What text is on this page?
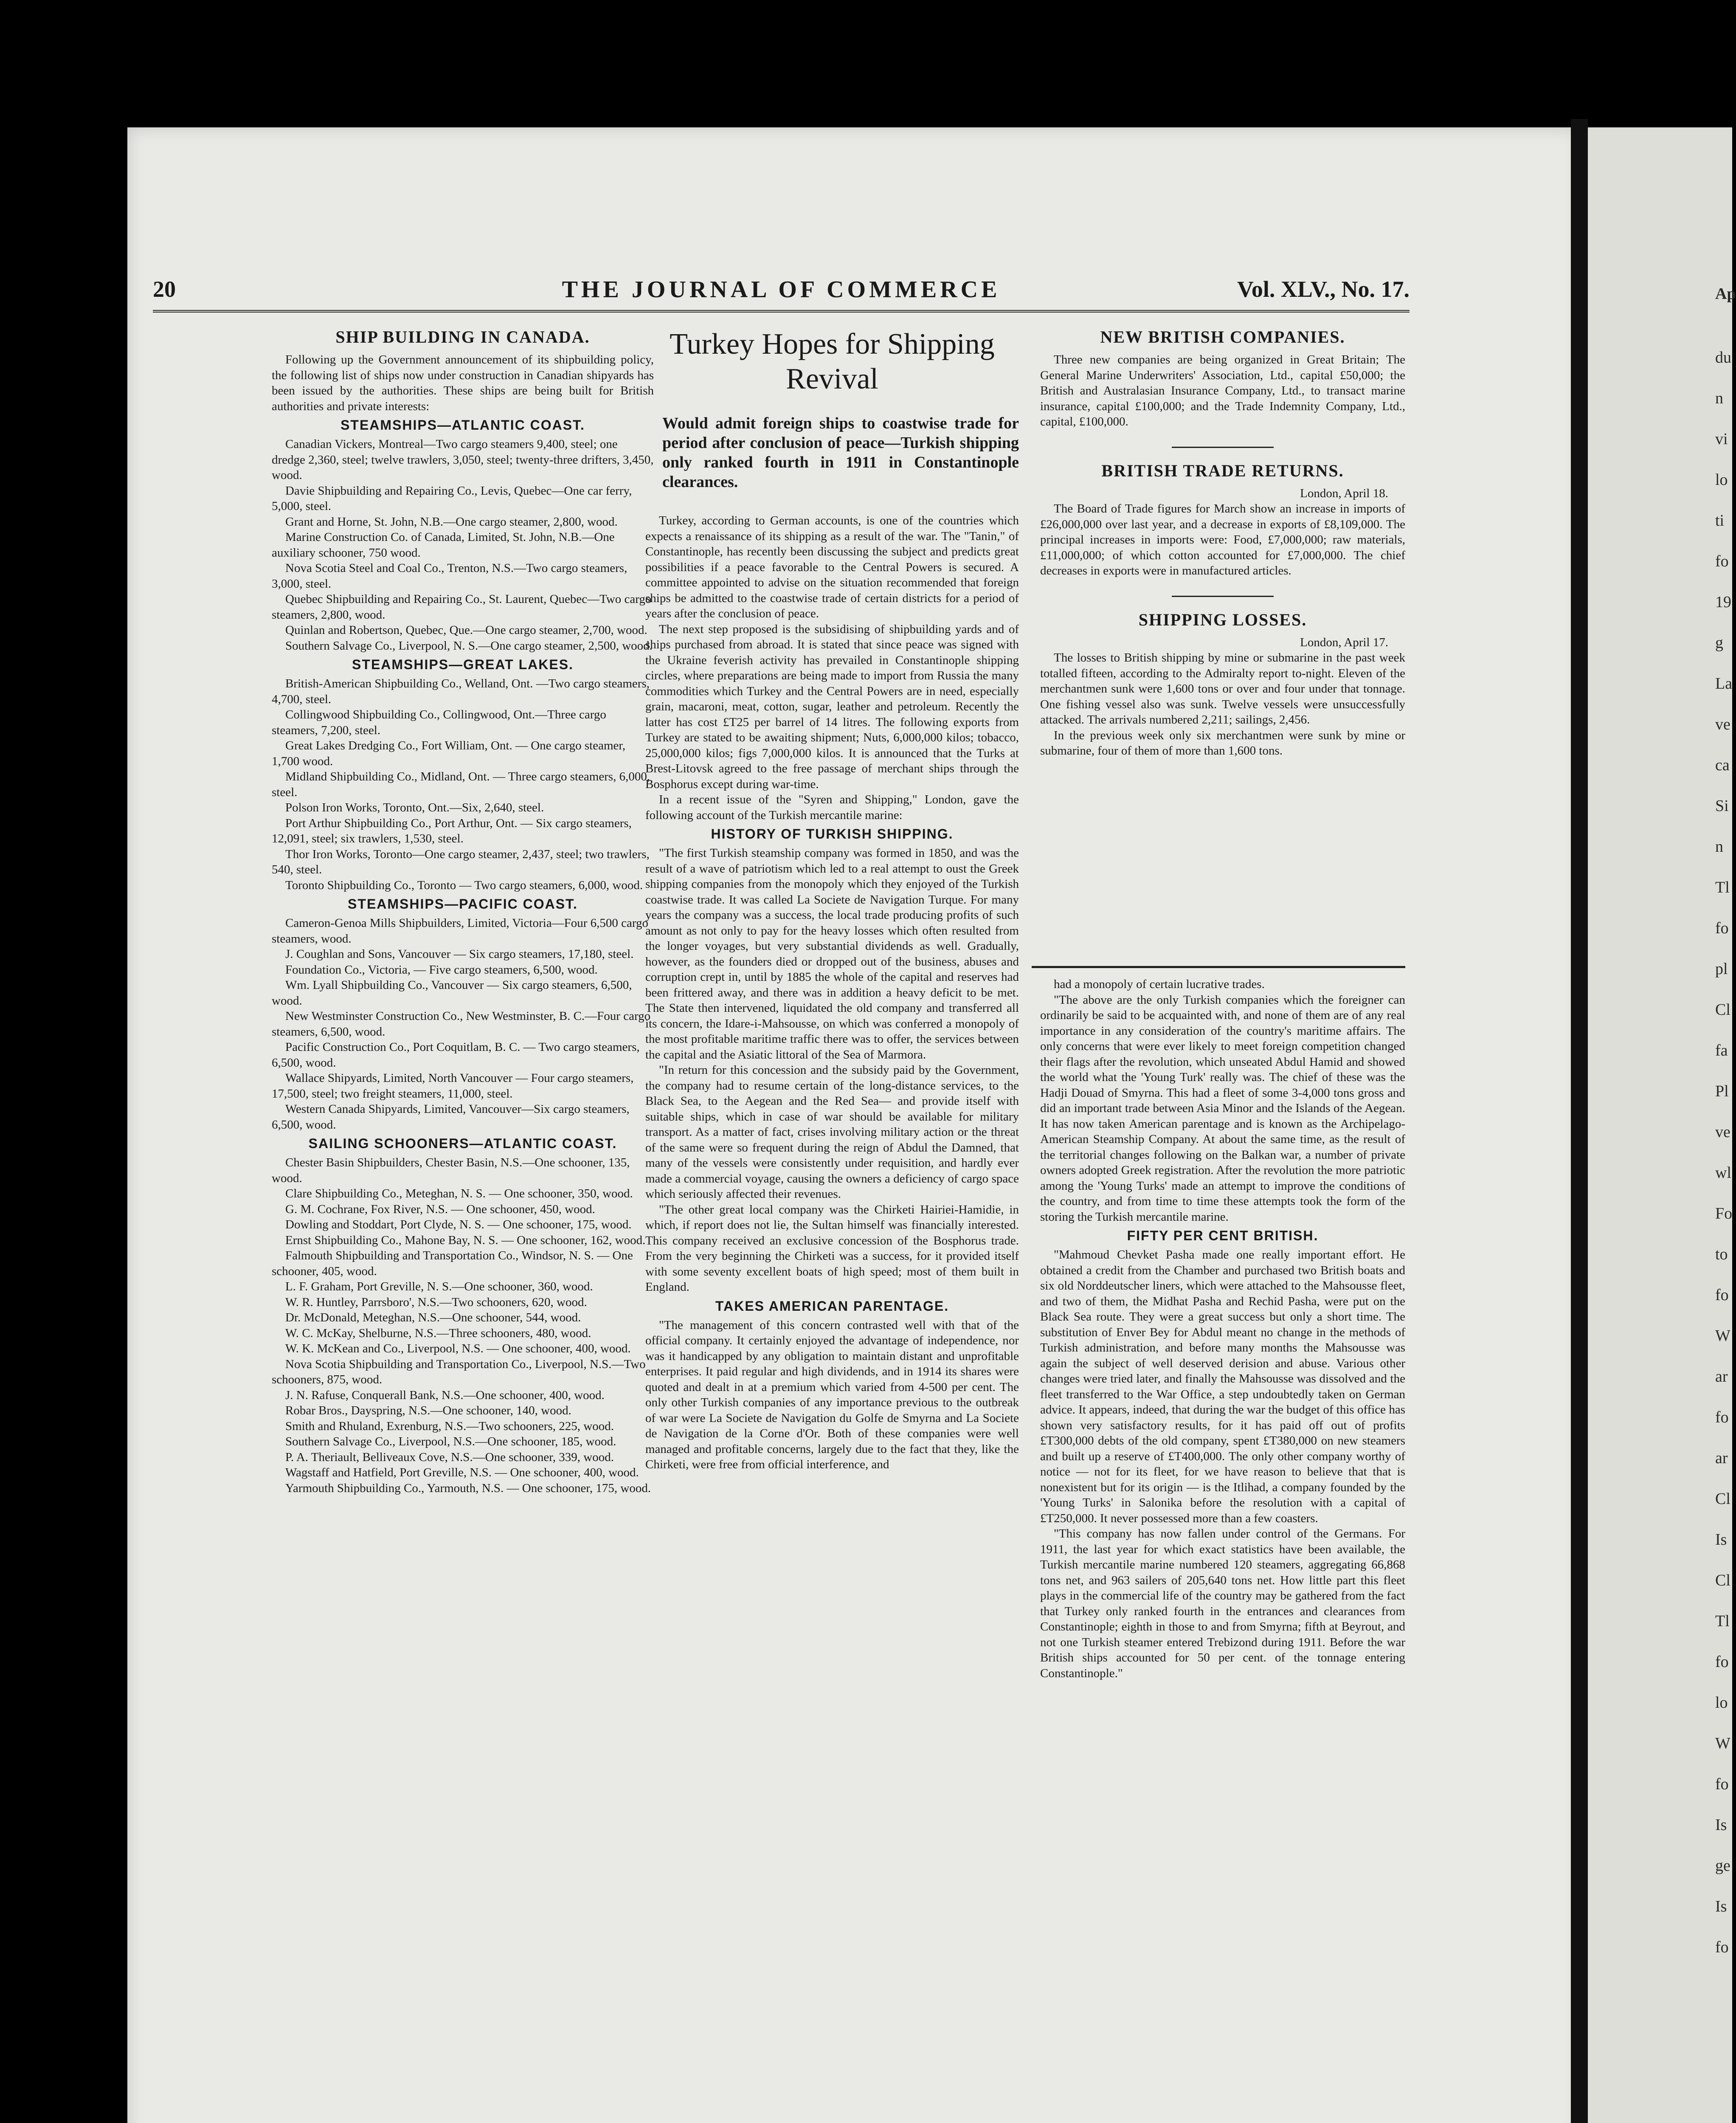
20	THE JOURNAL OF COMMERCE	Vol. XLV., No. 17.
SHIP BUILDING IN CANADA.

Following up the Government announcement of its shipbuilding policy, the following list of ships now under construction in Canadian shipyards has been issued by the authorities. These ships are being built for British authorities and private interests:

STEAMSHIPS—ATLANTIC COAST.

Canadian Vickers, Montreal—Two cargo steamers 9,400, steel; one dredge 2,360, steel; twelve trawlers, 3,050, steel; twenty-three drifters, 3,450, wood.

Davie Shipbuilding and Repairing Co., Levis, Quebec—One car ferry, 5,000, steel.

Grant and Horne, St. John, N.B.—One cargo steamer, 2,800, wood.

Marine Construction Co. of Canada, Limited, St. John, N.B.—One auxiliary schooner, 750 wood.

Nova Scotia Steel and Coal Co., Trenton, N.S.—Two cargo steamers, 3,000, steel.

Quebec Shipbuilding and Repairing Co., St. Laurent, Quebec—Two cargo steamers, 2,800, wood.

Quinlan and Robertson, Quebec, Que.—One cargo steamer, 2,700, wood.

Southern Salvage Co., Liverpool, N. S.—One cargo steamer, 2,500, wood.

STEAMSHIPS—GREAT LAKES.

British-American Shipbuilding Co., Welland, Ont. —Two cargo steamers, 4,700, steel.

Collingwood Shipbuilding Co., Collingwood, Ont.—Three cargo steamers, 7,200, steel.

Great Lakes Dredging Co., Fort William, Ont. — One cargo steamer, 1,700 wood.

Midland Shipbuilding Co., Midland, Ont. — Three cargo steamers, 6,000, steel.

Polson Iron Works, Toronto, Ont.—Six, 2,640, steel.

Port Arthur Shipbuilding Co., Port Arthur, Ont. — Six cargo steamers, 12,091, steel; six trawlers, 1,530, steel.

Thor Iron Works, Toronto—One cargo steamer, 2,437, steel; two trawlers, 540, steel.

Toronto Shipbuilding Co., Toronto — Two cargo steamers, 6,000, wood.

STEAMSHIPS—PACIFIC COAST.

Cameron-Genoa Mills Shipbuilders, Limited, Victoria—Four 6,500 cargo steamers, wood.

J. Coughlan and Sons, Vancouver — Six cargo steamers, 17,180, steel.

Foundation Co., Victoria, — Five cargo steamers, 6,500, wood.

Wm. Lyall Shipbuilding Co., Vancouver — Six cargo steamers, 6,500, wood.

New Westminster Construction Co., New Westminster, B. C.—Four cargo steamers, 6,500, wood.

Pacific Construction Co., Port Coquitlam, B. C. — Two cargo steamers, 6,500, wood.

Wallace Shipyards, Limited, North Vancouver — Four cargo steamers, 17,500, steel; two freight steamers, 11,000, steel.

Western Canada Shipyards, Limited, Vancouver—Six cargo steamers, 6,500, wood.

SAILING SCHOONERS—ATLANTIC COAST.

Chester Basin Shipbuilders, Chester Basin, N.S.—One schooner, 135, wood.

Clare Shipbuilding Co., Meteghan, N. S. — One schooner, 350, wood.

G. M. Cochrane, Fox River, N.S. — One schooner, 450, wood.

Dowling and Stoddart, Port Clyde, N. S. — One schooner, 175, wood.

Ernst Shipbuilding Co., Mahone Bay, N. S. — One schooner, 162, wood.

Falmouth Shipbuilding and Transportation Co., Windsor, N. S. — One schooner, 405, wood.

L. F. Graham, Port Greville, N. S.—One schooner, 360, wood.

W. R. Huntley, Parrsboro', N.S.—Two schooners, 620, wood.

Dr. McDonald, Meteghan, N.S.—One schooner, 544, wood.

W. C. McKay, Shelburne, N.S.—Three schooners, 480, wood.

W. K. McKean and Co., Liverpool, N.S. — One schooner, 400, wood.

Nova Scotia Shipbuilding and Transportation Co., Liverpool, N.S.—Two schooners, 875, wood.

J. N. Rafuse, Conquerall Bank, N.S.—One schooner, 400, wood.

Robar Bros., Dayspring, N.S.—One schooner, 140, wood.

Smith and Rhuland, Exrenburg, N.S.—Two schooners, 225, wood.

Southern Salvage Co., Liverpool, N.S.—One schooner, 185, wood.

P. A. Theriault, Belliveaux Cove, N.S.—One schooner, 339, wood.

Wagstaff and Hatfield, Port Greville, N.S. — One schooner, 400, wood.

Yarmouth Shipbuilding Co., Yarmouth, N.S. — One schooner, 175, wood.

Turkey Hopes for Shipping Revival
Would admit foreign ships to coastwise trade for period after conclusion of peace—Turkish shipping only ranked fourth in 1911 in Constantinople clearances.

Turkey, according to German accounts, is one of the countries which expects a renaissance of its shipping as a result of the war. The "Tanin," of Constantinople, has recently been discussing the subject and predicts great possibilities if a peace favorable to the Central Powers is secured. A committee appointed to advise on the situation recommended that foreign ships be admitted to the coastwise trade of certain districts for a period of years after the conclusion of peace.

The next step proposed is the subsidising of shipbuilding yards and of ships purchased from abroad. It is stated that since peace was signed with the Ukraine feverish activity has prevailed in Constantinople shipping circles, where preparations are being made to import from Russia the many commodities which Turkey and the Central Powers are in need, especially grain, macaroni, meat, cotton, sugar, leather and petroleum. Recently the latter has cost £T25 per barrel of 14 litres. The following exports from Turkey are stated to be awaiting shipment; Nuts, 6,000,000 kilos; tobacco, 25,000,000 kilos; figs 7,000,000 kilos. It is announced that the Turks at Brest-Litovsk agreed to the free passage of merchant ships through the Bosphorus except during war-time.

In a recent issue of the "Syren and Shipping," London, gave the following account of the Turkish mercantile marine:

HISTORY OF TURKISH SHIPPING.

"The first Turkish steamship company was formed in 1850, and was the result of a wave of patriotism which led to a real attempt to oust the Greek shipping companies from the monopoly which they enjoyed of the Turkish coastwise trade. It was called La Societe de Navigation Turque. For many years the company was a success, the local trade producing profits of such amount as not only to pay for the heavy losses which often resulted from the longer voyages, but very substantial dividends as well. Gradually, however, as the founders died or dropped out of the business, abuses and corruption crept in, until by 1885 the whole of the capital and reserves had been frittered away, and there was in addition a heavy deficit to be met. The State then intervened, liquidated the old company and transferred all its concern, the Idare-i-Mahsousse, on which was conferred a monopoly of the most profitable maritime traffic there was to offer, the services between the capital and the Asiatic littoral of the Sea of Marmora.

"In return for this concession and the subsidy paid by the Government, the company had to resume certain of the long-distance services, to the Black Sea, to the Aegean and the Red Sea— and provide itself with suitable ships, which in case of war should be available for military transport. As a matter of fact, crises involving military action or the threat of the same were so frequent during the reign of Abdul the Damned, that many of the vessels were consistently under requisition, and hardly ever made a commercial voyage, causing the owners a deficiency of cargo space which seriously affected their revenues.

"The other great local company was the Chirketi Hairiei-Hamidie, in which, if report does not lie, the Sultan himself was financially interested. This company received an exclusive concession of the Bosphorus trade. From the very beginning the Chirketi was a success, for it provided itself with some seventy excellent boats of high speed; most of them built in England.

TAKES AMERICAN PARENTAGE.

"The management of this concern contrasted well with that of the official company. It certainly enjoyed the advantage of independence, nor was it handicapped by any obligation to maintain distant and unprofitable enterprises. It paid regular and high dividends, and in 1914 its shares were quoted and dealt in at a premium which varied from 4-500 per cent. The only other Turkish companies of any importance previous to the outbreak of war were La Societe de Navigation du Golfe de Smyrna and La Societe de Navigation de la Corne d'Or. Both of these companies were well managed and profitable concerns, largely due to the fact that they, like the Chirketi, were free from official interference, and

NEW BRITISH COMPANIES.

Three new companies are being organized in Great Britain; The General Marine Underwriters' Association, Ltd., capital £50,000; the British and Australasian Insurance Company, Ltd., to transact marine insurance, capital £100,000; and the Trade Indemnity Company, Ltd., capital, £100,000.

BRITISH TRADE RETURNS.
London, April 18.

The Board of Trade figures for March show an increase in imports of £26,000,000 over last year, and a decrease in exports of £8,109,000. The principal increases in imports were: Food, £7,000,000; raw materials, £11,000,000; of which cotton accounted for £7,000,000. The chief decreases in exports were in manufactured articles.

SHIPPING LOSSES.
London, April 17.

The losses to British shipping by mine or submarine in the past week totalled fifteen, according to the Admiralty report to-night. Eleven of the merchantmen sunk were 1,600 tons or over and four under that tonnage. One fishing vessel also was sunk. Twelve vessels were unsuccessfully attacked. The arrivals numbered 2,211; sailings, 2,456.

In the previous week only six merchantmen were sunk by mine or submarine, four of them of more than 1,600 tons.

had a monopoly of certain lucrative trades.

"The above are the only Turkish companies which the foreigner can ordinarily be said to be acquainted with, and none of them are of any real importance in any consideration of the country's maritime affairs. The only concerns that were ever likely to meet foreign competition changed their flags after the revolution, which unseated Abdul Hamid and showed the world what the 'Young Turk' really was. The chief of these was the Hadji Douad of Smyrna. This had a fleet of some 3-4,000 tons gross and did an important trade between Asia Minor and the Islands of the Aegean. It has now taken American parentage and is known as the Archipelago-American Steamship Company. At about the same time, as the result of the territorial changes following on the Balkan war, a number of private owners adopted Greek registration. After the revolution the more patriotic among the 'Young Turks' made an attempt to improve the conditions of the country, and from time to time these attempts took the form of the storing the Turkish mercantile marine.

FIFTY PER CENT BRITISH.

"Mahmoud Chevket Pasha made one really important effort. He obtained a credit from the Chamber and purchased two British boats and six old Norddeutscher liners, which were attached to the Mahsousse fleet, and two of them, the Midhat Pasha and Rechid Pasha, were put on the Black Sea route. They were a great success but only a short time. The substitution of Enver Bey for Abdul meant no change in the methods of Turkish administration, and before many months the Mahsousse was again the subject of well deserved derision and abuse. Various other changes were tried later, and finally the Mahsousse was dissolved and the fleet transferred to the War Office, a step undoubtedly taken on German advice. It appears, indeed, that during the war the budget of this office has shown very satisfactory results, for it has paid off out of profits £T300,000 debts of the old company, spent £T380,000 on new steamers and built up a reserve of £T400,000. The only other company worthy of notice — not for its fleet, for we have reason to believe that that is nonexistent but for its origin — is the Itlihad, a company founded by the 'Young Turks' in Salonika before the resolution with a capital of £T250,000. It never possessed more than a few coasters.

"This company has now fallen under control of the Germans. For 1911, the last year for which exact statistics have been available, the Turkish mercantile marine numbered 120 steamers, aggregating 66,868 tons net, and 963 sailers of 205,640 tons net. How little part this fleet plays in the commercial life of the country may be gathered from the fact that Turkey only ranked fourth in the entrances and clearances from Constantinople; eighth in those to and from Smyrna; fifth at Beyrout, and not one Turkish steamer entered Trebizond during 1911. Before the war British ships accounted for 50 per cent. of the tonnage entering Constantinople."

Ap
du
n
vi
lo
ti
fo
19
g
La
ve
ca
Si
n
Tl
fo
pl
Cl
fa
Pl
ve
wl
Fo
to
fo
W
ar
fo
ar
Cl
Is
Cl
Tl
fo
lo
W
fo
Is
ge
Is
fo
